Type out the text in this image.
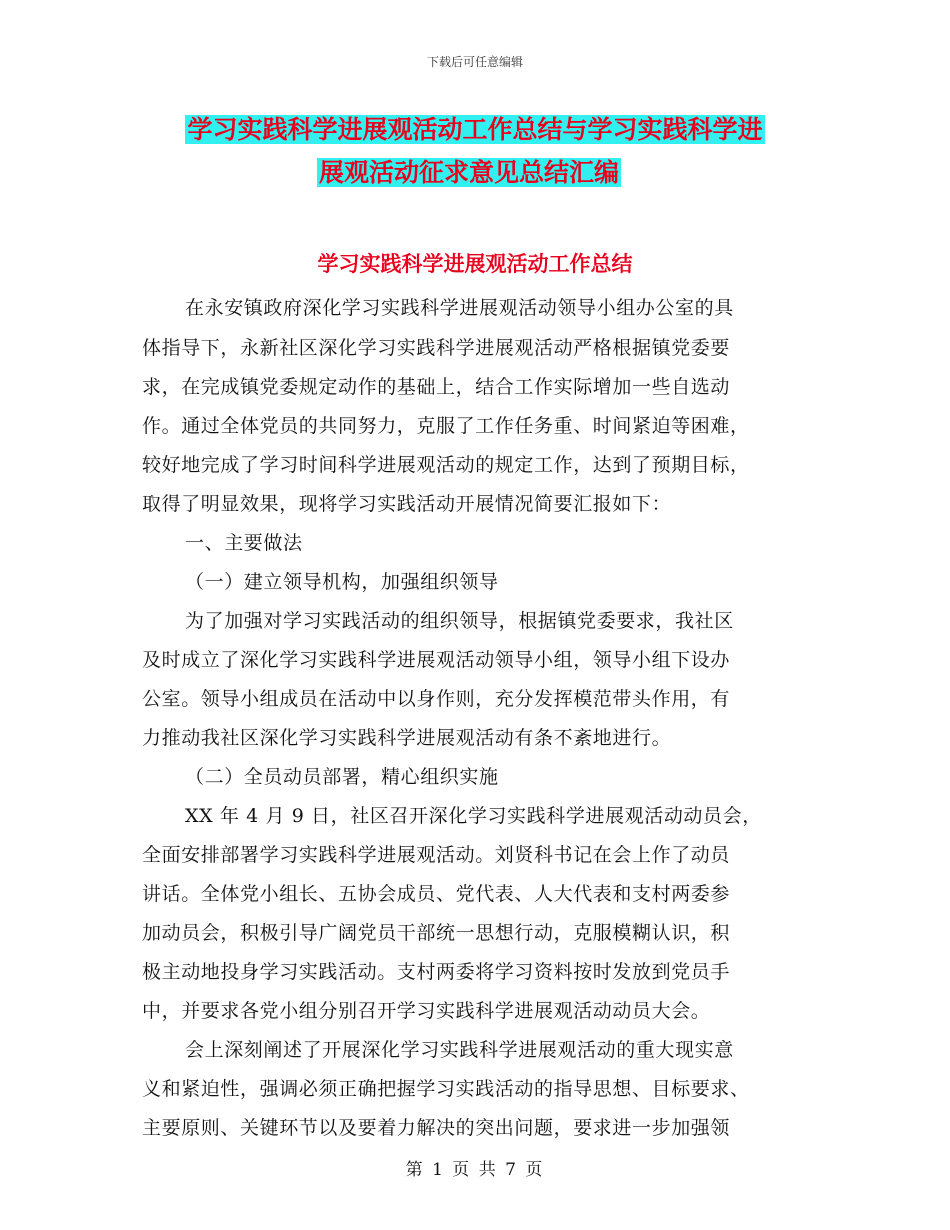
下载后可任意编辑
学习实践科学进展观活动工作总结与学习实践科学进
展观活动征求意见总结汇编
学习实践科学进展观活动工作总结
在永安镇政府深化学习实践科学进展观活动领导小组办公室的具
体指导下，永新社区深化学习实践科学进展观活动严格根据镇党委要
求，在完成镇党委规定动作的基础上，结合工作实际增加一些自选动
作。通过全体党员的共同努力，克服了工作任务重、时间紧迫等困难，
较好地完成了学习时间科学进展观活动的规定工作，达到了预期目标，
取得了明显效果，现将学习实践活动开展情况简要汇报如下：
一、主要做法
（一）建立领导机构，加强组织领导
为了加强对学习实践活动的组织领导，根据镇党委要求，我社区
及时成立了深化学习实践科学进展观活动领导小组，领导小组下设办
公室。领导小组成员在活动中以身作则，充分发挥模范带头作用，有
力推动我社区深化学习实践科学进展观活动有条不紊地进行。
（二）全员动员部署，精心组织实施
XX 年 4 月 9 日，社区召开深化学习实践科学进展观活动动员会，
全面安排部署学习实践科学进展观活动。刘贤科书记在会上作了动员
讲话。全体党小组长、五协会成员、党代表、人大代表和支村两委参
加动员会，积极引导广阔党员干部统一思想行动，克服模糊认识，积
极主动地投身学习实践活动。支村两委将学习资料按时发放到党员手
中，并要求各党小组分别召开学习实践科学进展观活动动员大会。
会上深刻阐述了开展深化学习实践科学进展观活动的重大现实意
义和紧迫性，强调必须正确把握学习实践活动的指导思想、目标要求、
主要原则、关键环节以及要着力解决的突出问题，要求进一步加强领
第 1 页 共 7 页
